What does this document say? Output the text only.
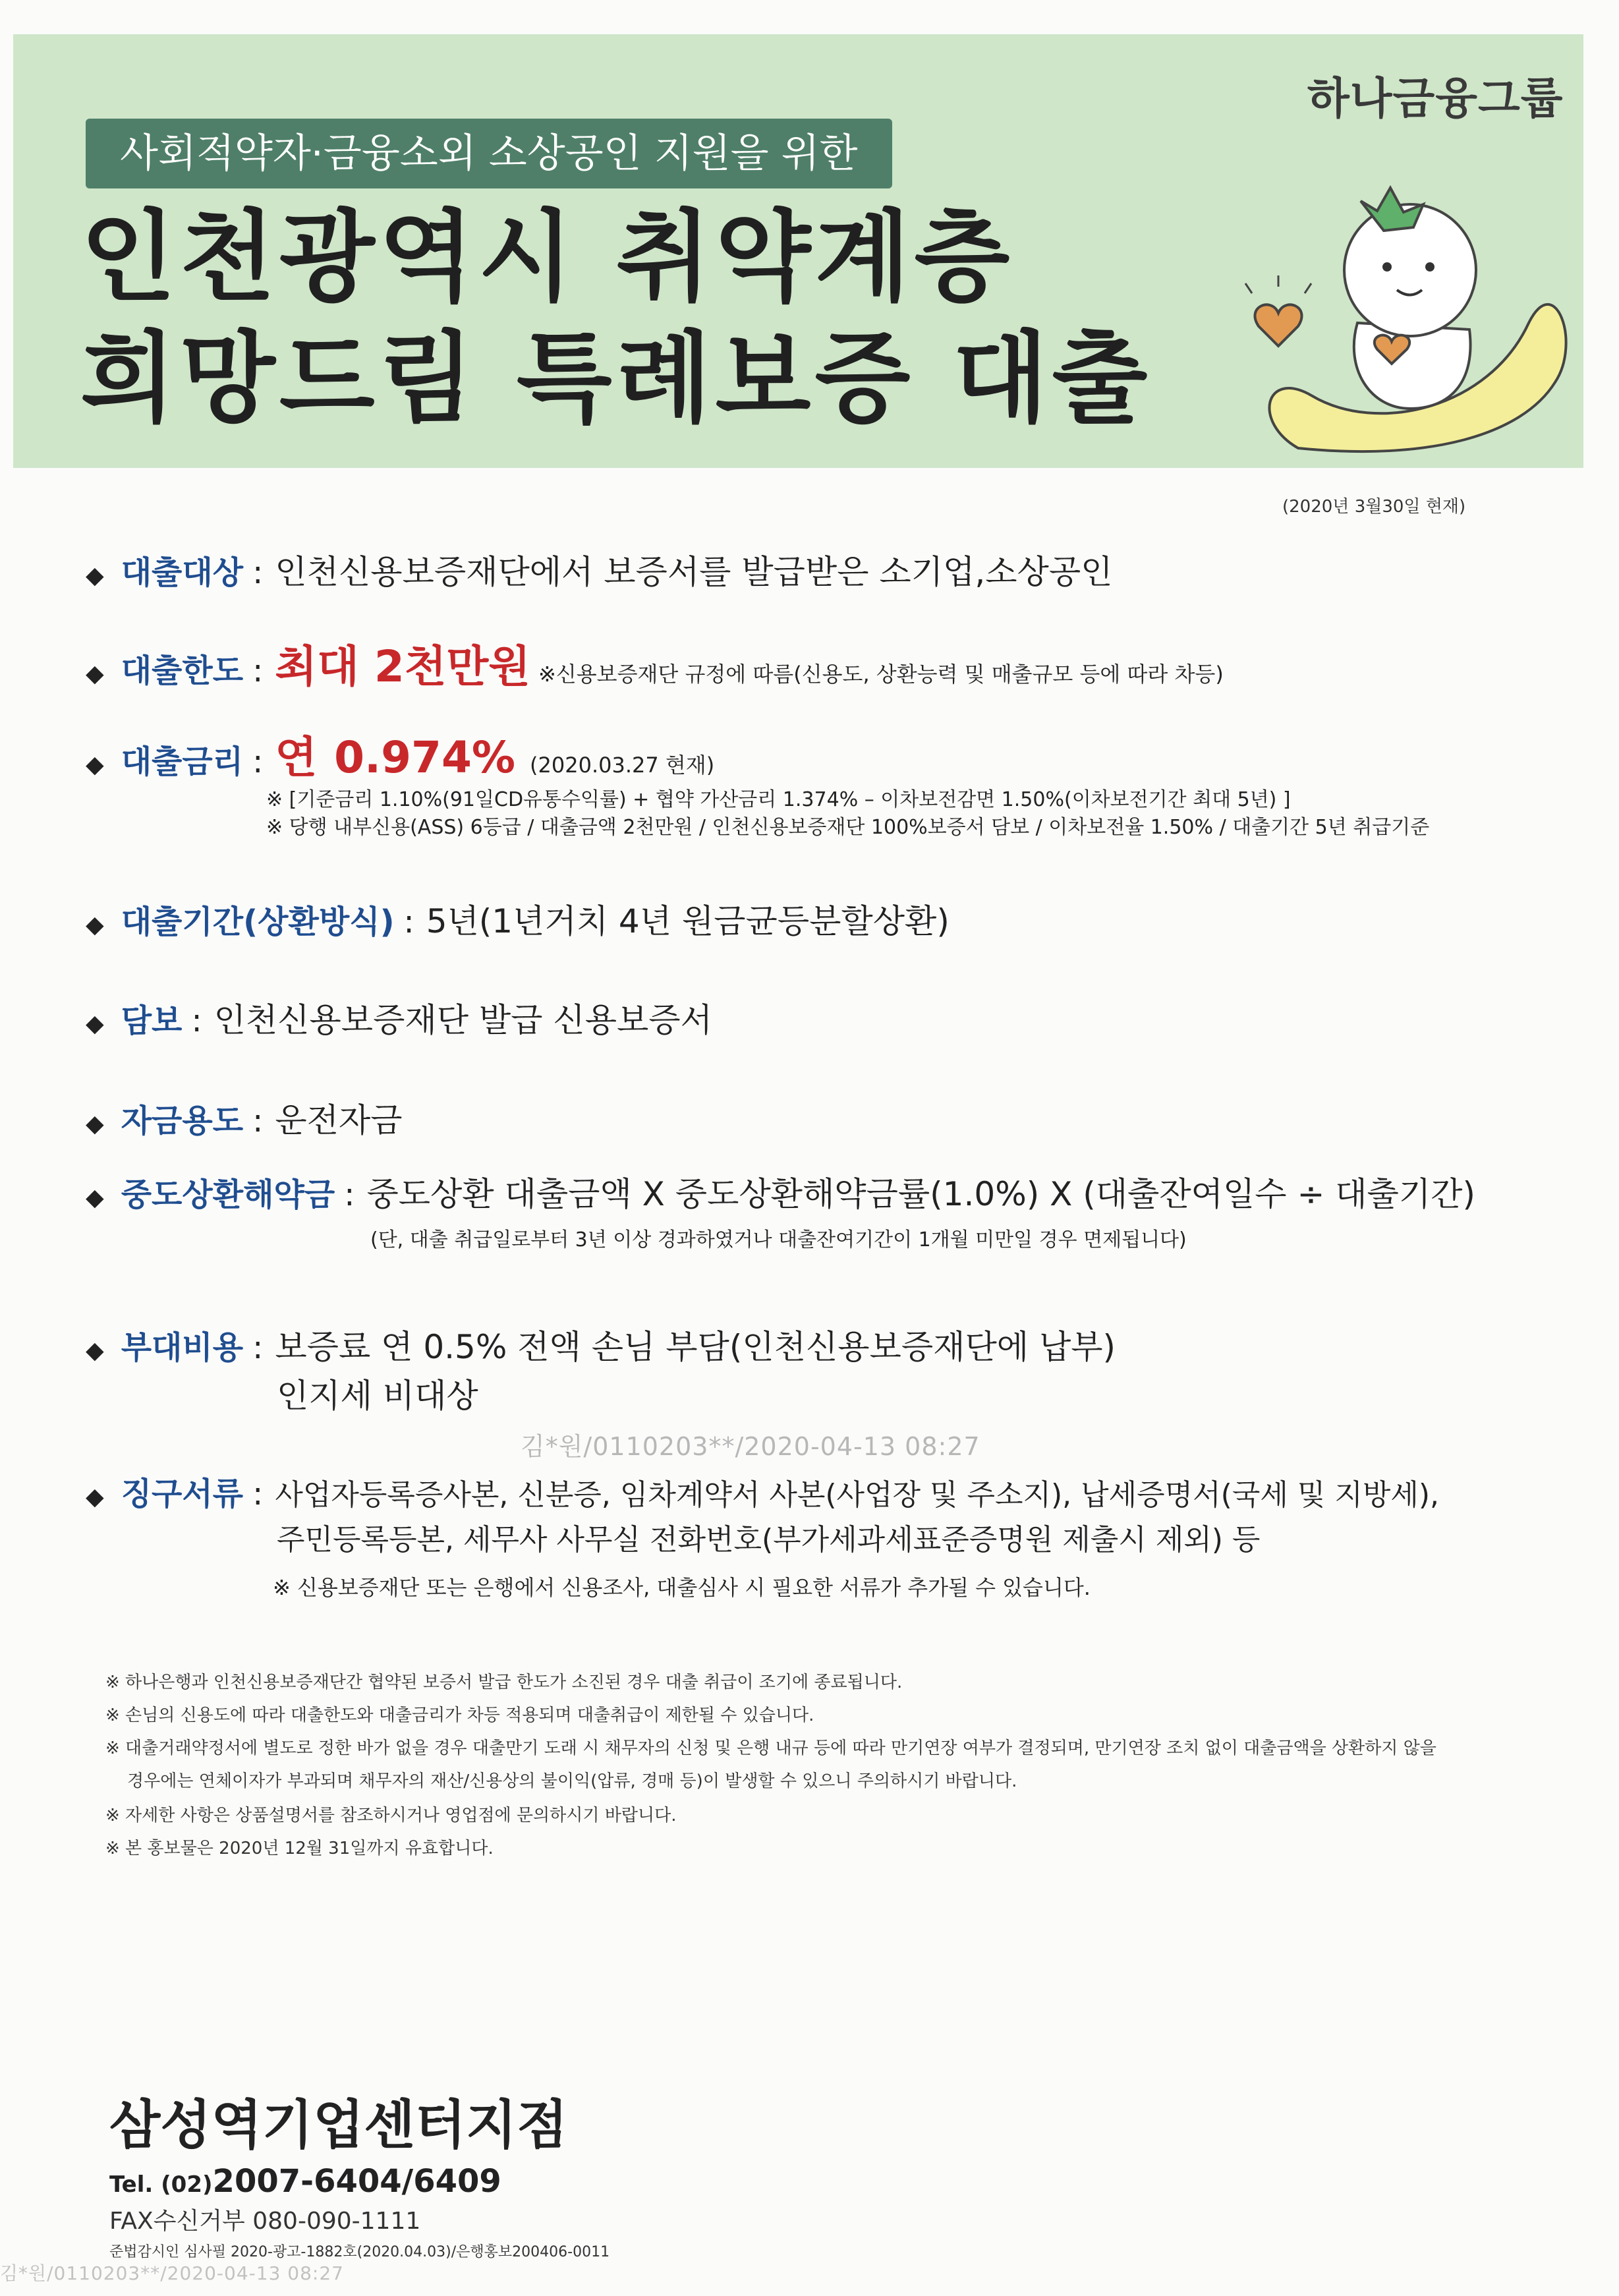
하나금융그룹
사회적약자·금융소외 소상공인 지원을 위한
인천광역시 취약계층
희망드림 특례보증 대출
(2020년 3월30일 현재)
◆ 대출대상 : 인천신용보증재단에서 보증서를 발급받은 소기업,소상공인
◆ 대출한도 : 최대 2천만원 ※신용보증재단 규정에 따름(신용도, 상환능력 및 매출규모 등에 따라 차등)
◆ 대출금리 : 연 0.974% (2020.03.27 현재)
※ [기준금리 1.10%(91일CD유통수익률) + 협약 가산금리 1.374% – 이차보전감면 1.50%(이차보전기간 최대 5년) ]
※ 당행 내부신용(ASS) 6등급 / 대출금액 2천만원 / 인천신용보증재단 100%보증서 담보 / 이차보전율 1.50% / 대출기간 5년 취급기준
◆ 대출기간(상환방식) : 5년(1년거치 4년 원금균등분할상환)
◆ 담보 : 인천신용보증재단 발급 신용보증서
◆ 자금용도 : 운전자금
◆ 중도상환해약금 : 중도상환 대출금액 X 중도상환해약금률(1.0%) X (대출잔여일수 ÷ 대출기간)
(단, 대출 취급일로부터 3년 이상 경과하였거나 대출잔여기간이 1개월 미만일 경우 면제됩니다)
◆ 부대비용 : 보증료 연 0.5% 전액 손님 부담(인천신용보증재단에 납부)
인지세 비대상
김*원/0110203**/2020-04-13 08:27
◆ 징구서류 : 사업자등록증사본, 신분증, 임차계약서 사본(사업장 및 주소지), 납세증명서(국세 및 지방세),
주민등록등본, 세무사 사무실 전화번호(부가세과세표준증명원 제출시 제외) 등
※ 신용보증재단 또는 은행에서 신용조사, 대출심사 시 필요한 서류가 추가될 수 있습니다.
※ 하나은행과 인천신용보증재단간 협약된 보증서 발급 한도가 소진된 경우 대출 취급이 조기에 종료됩니다.
※ 손님의 신용도에 따라 대출한도와 대출금리가 차등 적용되며 대출취급이 제한될 수 있습니다.
※ 대출거래약정서에 별도로 정한 바가 없을 경우 대출만기 도래 시 채무자의 신청 및 은행 내규 등에 따라 만기연장 여부가 결정되며, 만기연장 조치 없이 대출금액을 상환하지 않을
경우에는 연체이자가 부과되며 채무자의 재산/신용상의 불이익(압류, 경매 등)이 발생할 수 있으니 주의하시기 바랍니다.
※ 자세한 사항은 상품설명서를 참조하시거나 영업점에 문의하시기 바랍니다.
※ 본 홍보물은 2020년 12월 31일까지 유효합니다.
삼성역기업센터지점
Tel. (02)2007-6404/6409
FAX수신거부 080-090-1111
준법감시인 심사필 2020-광고-1882호(2020.04.03)/은행홍보200406-0011
김*원/0110203**/2020-04-13 08:27
